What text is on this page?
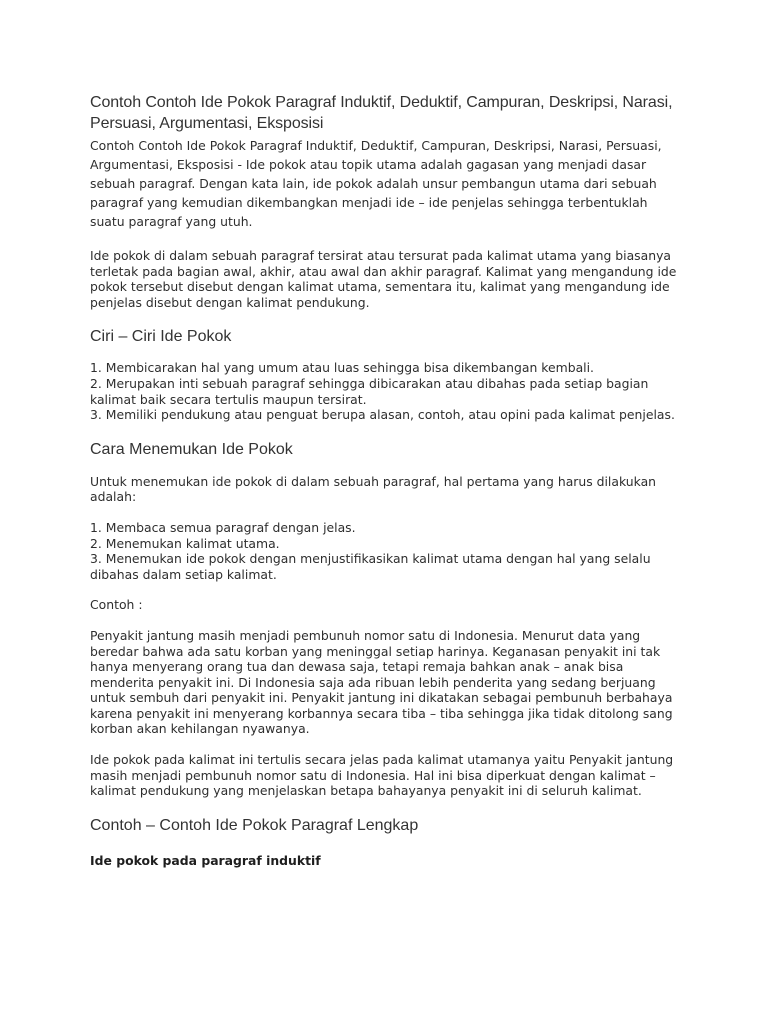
Contoh Contoh Ide Pokok Paragraf Induktif, Deduktif, Campuran, Deskripsi, Narasi, Persuasi, Argumentasi, Eksposisi

Contoh Contoh Ide Pokok Paragraf Induktif, Deduktif, Campuran, Deskripsi, Narasi, Persuasi, Argumentasi, Eksposisi - Ide pokok atau topik utama adalah gagasan yang menjadi dasar sebuah paragraf. Dengan kata lain, ide pokok adalah unsur pembangun utama dari sebuah paragraf yang kemudian dikembangkan menjadi ide – ide penjelas sehingga terbentuklah suatu paragraf yang utuh.

Ide pokok di dalam sebuah paragraf tersirat atau tersurat pada kalimat utama yang biasanya terletak pada bagian awal, akhir, atau awal dan akhir paragraf. Kalimat yang mengandung ide pokok tersebut disebut dengan kalimat utama, sementara itu, kalimat yang mengandung ide penjelas disebut dengan kalimat pendukung.

Ciri – Ciri Ide Pokok
1. Membicarakan hal yang umum atau luas sehingga bisa dikembangan kembali.
2. Merupakan inti sebuah paragraf sehingga dibicarakan atau dibahas pada setiap bagian kalimat baik secara tertulis maupun tersirat.
3. Memiliki pendukung atau penguat berupa alasan, contoh, atau opini pada kalimat penjelas.
Cara Menemukan Ide Pokok

Untuk menemukan ide pokok di dalam sebuah paragraf, hal pertama yang harus dilakukan adalah:

1. Membaca semua paragraf dengan jelas.
2. Menemukan kalimat utama.
3. Menemukan ide pokok dengan menjustifikasikan kalimat utama dengan hal yang selalu dibahas dalam setiap kalimat.

Contoh :

Penyakit jantung masih menjadi pembunuh nomor satu di Indonesia. Menurut data yang beredar bahwa ada satu korban yang meninggal setiap harinya. Keganasan penyakit ini tak hanya menyerang orang tua dan dewasa saja, tetapi remaja bahkan anak – anak bisa menderita penyakit ini. Di Indonesia saja ada ribuan lebih penderita yang sedang berjuang untuk sembuh dari penyakit ini. Penyakit jantung ini dikatakan sebagai pembunuh berbahaya karena penyakit ini menyerang korbannya secara tiba – tiba sehingga jika tidak ditolong sang korban akan kehilangan nyawanya.

Ide pokok pada kalimat ini tertulis secara jelas pada kalimat utamanya yaitu Penyakit jantung masih menjadi pembunuh nomor satu di Indonesia. Hal ini bisa diperkuat dengan kalimat – kalimat pendukung yang menjelaskan betapa bahayanya penyakit ini di seluruh kalimat.

Contoh – Contoh Ide Pokok Paragraf Lengkap

Ide pokok pada paragraf induktif
